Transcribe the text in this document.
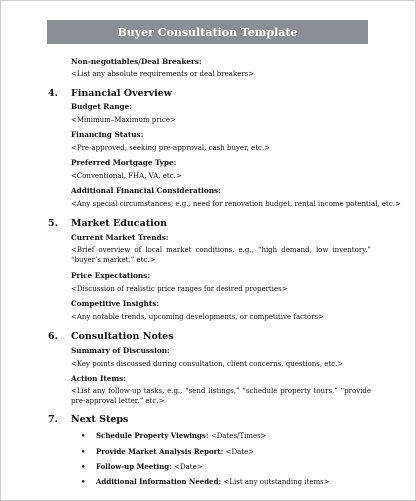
Buyer Consultation Template
Non-negotiables/Deal Breakers:
<List any absolute requirements or deal breakers>
4. Financial Overview
Budget Range:
<Minimum–Maximum price>
Financing Status:
<Pre-approved, seeking pre-approval, cash buyer, etc.>
Preferred Mortgage Type:
<Conventional, FHA, VA, etc.>
Additional Financial Considerations:
<Any special circumstances, e.g., need for renovation budget, rental income potential, etc.>
5. Market Education
Current Market Trends:
<Brief overview of local market conditions, e.g., “high demand, low inventory,” “buyer’s market,” etc.>
Price Expectations:
<Discussion of realistic price ranges for desired properties>
Competitive Insights:
<Any notable trends, upcoming developments, or competitive factors>
6. Consultation Notes
Summary of Discussion:
<Key points discussed during consultation, client concerns, questions, etc.>
Action Items:
<List any follow-up tasks, e.g., “send listings,” “schedule property tours,” “provide pre-approval letter,” etc.>
7. Next Steps
• Schedule Property Viewings: <Dates/Times>
• Provide Market Analysis Report: <Date>
• Follow-up Meeting: <Date>
• Additional Information Needed: <List any outstanding items>
